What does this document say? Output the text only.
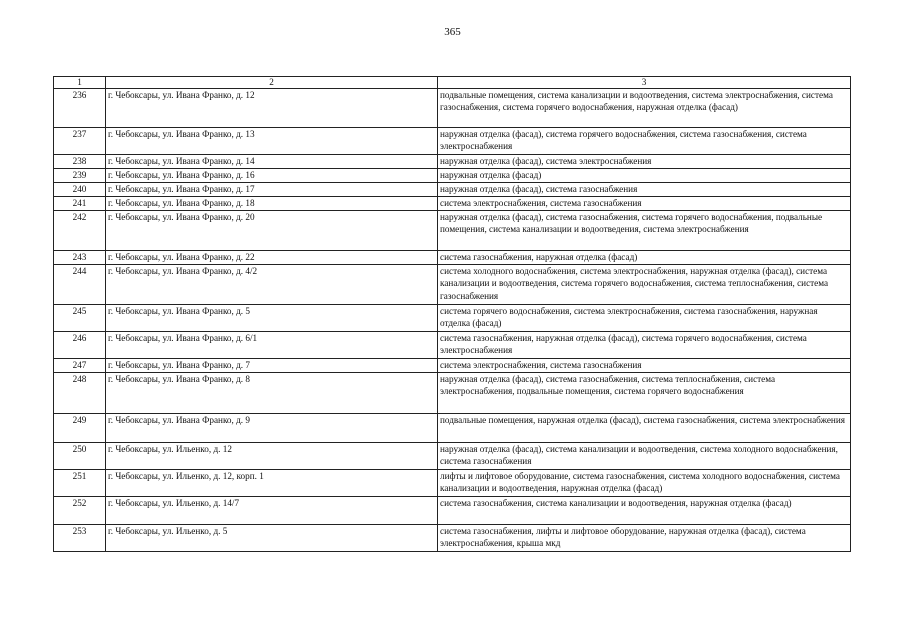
365
1	2	3
236	г. Чебоксары, ул. Ивана Франко, д. 12	подвальные помещения, система канализации и водоотведения, система электроснабжения, система газоснабжения, система горячего водоснабжения, наружная отделка (фасад)
237	г. Чебоксары, ул. Ивана Франко, д. 13	наружная отделка (фасад), система горячего водоснабжения, система газоснабжения, система электроснабжения
238	г. Чебоксары, ул. Ивана Франко, д. 14	наружная отделка (фасад), система электроснабжения
239	г. Чебоксары, ул. Ивана Франко, д. 16	наружная отделка (фасад)
240	г. Чебоксары, ул. Ивана Франко, д. 17	наружная отделка (фасад), система газоснабжения
241	г. Чебоксары, ул. Ивана Франко, д. 18	система электроснабжения, система газоснабжения
242	г. Чебоксары, ул. Ивана Франко, д. 20	наружная отделка (фасад), система газоснабжения, система горячего водоснабжения, подвальные помещения, система канализации и водоотведения, система электроснабжения
243	г. Чебоксары, ул. Ивана Франко, д. 22	система газоснабжения, наружная отделка (фасад)
244	г. Чебоксары, ул. Ивана Франко, д. 4/2	система холодного водоснабжения, система электроснабжения, наружная отделка (фасад), система канализации и водоотведения, система горячего водоснабжения, система теплоснабжения, система газоснабжения
245	г. Чебоксары, ул. Ивана Франко, д. 5	система горячего водоснабжения, система электроснабжения, система газоснабжения, наружная отделка (фасад)
246	г. Чебоксары, ул. Ивана Франко, д. 6/1	система газоснабжения, наружная отделка (фасад), система горячего водоснабжения, система электроснабжения
247	г. Чебоксары, ул. Ивана Франко, д. 7	система электроснабжения, система газоснабжения
248	г. Чебоксары, ул. Ивана Франко, д. 8	наружная отделка (фасад), система газоснабжения, система теплоснабжения, система электроснабжения, подвальные помещения, система горячего водоснабжения
249	г. Чебоксары, ул. Ивана Франко, д. 9	подвальные помещения, наружная отделка (фасад), система газоснабжения, система электроснабжения
250	г. Чебоксары, ул. Ильенко, д. 12	наружная отделка (фасад), система канализации и водоотведения, система холодного водоснабжения, система газоснабжения
251	г. Чебоксары, ул. Ильенко, д. 12, корп. 1	лифты и лифтовое оборудование, система газоснабжения, система холодного водоснабжения, система канализации и водоотведения, наружная отделка (фасад)
252	г. Чебоксары, ул. Ильенко, д. 14/7	система газоснабжения, система канализации и водоотведения, наружная отделка (фасад)
253	г. Чебоксары, ул. Ильенко, д. 5	система газоснабжения, лифты и лифтовое оборудование, наружная отделка (фасад), система электроснабжения, крыша мкд
